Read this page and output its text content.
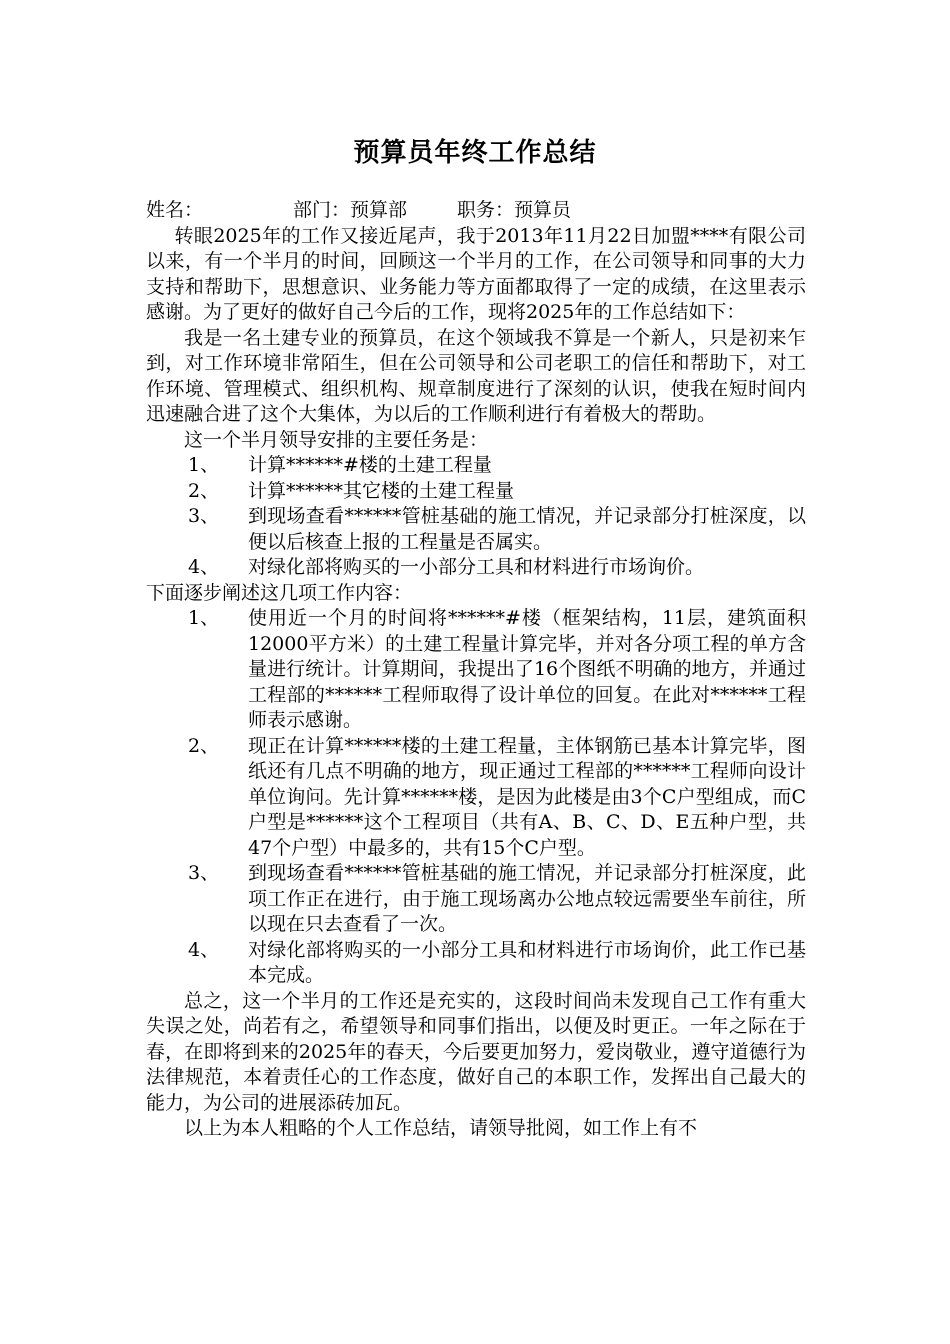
预算员年终工作总结
姓名：	部门：预算部	职务：预算员

转眼2025年的工作又接近尾声，我于2013年11月22日加盟****有限公司以来，有一个半月的时间，回顾这一个半月的工作，在公司领导和同事的大力支持和帮助下，思想意识、业务能力等方面都取得了一定的成绩，在这里表示感谢。为了更好的做好自己今后的工作，现将2025年的工作总结如下：

我是一名土建专业的预算员，在这个领域我不算是一个新人，只是初来乍到，对工作环境非常陌生，但在公司领导和公司老职工的信任和帮助下，对工作环境、管理模式、组织机构、规章制度进行了深刻的认识，使我在短时间内迅速融合进了这个大集体，为以后的工作顺利进行有着极大的帮助。

这一个半月领导安排的主要任务是：

1、	计算******#楼的土建工程量
2、	计算******其它楼的土建工程量
3、	到现场查看******管桩基础的施工情况，并记录部分打桩深度，以便以后核查上报的工程量是否属实。
4、	对绿化部将购买的一小部分工具和材料进行市场询价。

下面逐步阐述这几项工作内容：

1、	使用近一个月的时间将******#楼（框架结构，11层，建筑面积12000平方米）的土建工程量计算完毕，并对各分项工程的单方含量进行统计。计算期间，我提出了16个图纸不明确的地方，并通过工程部的******工程师取得了设计单位的回复。在此对******工程师表示感谢。
2、	现正在计算******楼的土建工程量，主体钢筋已基本计算完毕，图纸还有几点不明确的地方，现正通过工程部的******工程师向设计单位询问。先计算******楼，是因为此楼是由3个C户型组成，而C户型是******这个工程项目（共有A、B、C、D、E五种户型，共47个户型）中最多的，共有15个C户型。
3、	到现场查看******管桩基础的施工情况，并记录部分打桩深度，此项工作正在进行，由于施工现场离办公地点较远需要坐车前往，所以现在只去查看了一次。
4、	对绿化部将购买的一小部分工具和材料进行市场询价，此工作已基本完成。

总之，这一个半月的工作还是充实的，这段时间尚未发现自己工作有重大失误之处，尚若有之，希望领导和同事们指出，以便及时更正。一年之际在于春，在即将到来的2025年的春天，今后要更加努力，爱岗敬业，遵守道德行为法律规范，本着责任心的工作态度，做好自己的本职工作，发挥出自己最大的能力，为公司的进展添砖加瓦。

以上为本人粗略的个人工作总结，请领导批阅，如工作上有不
